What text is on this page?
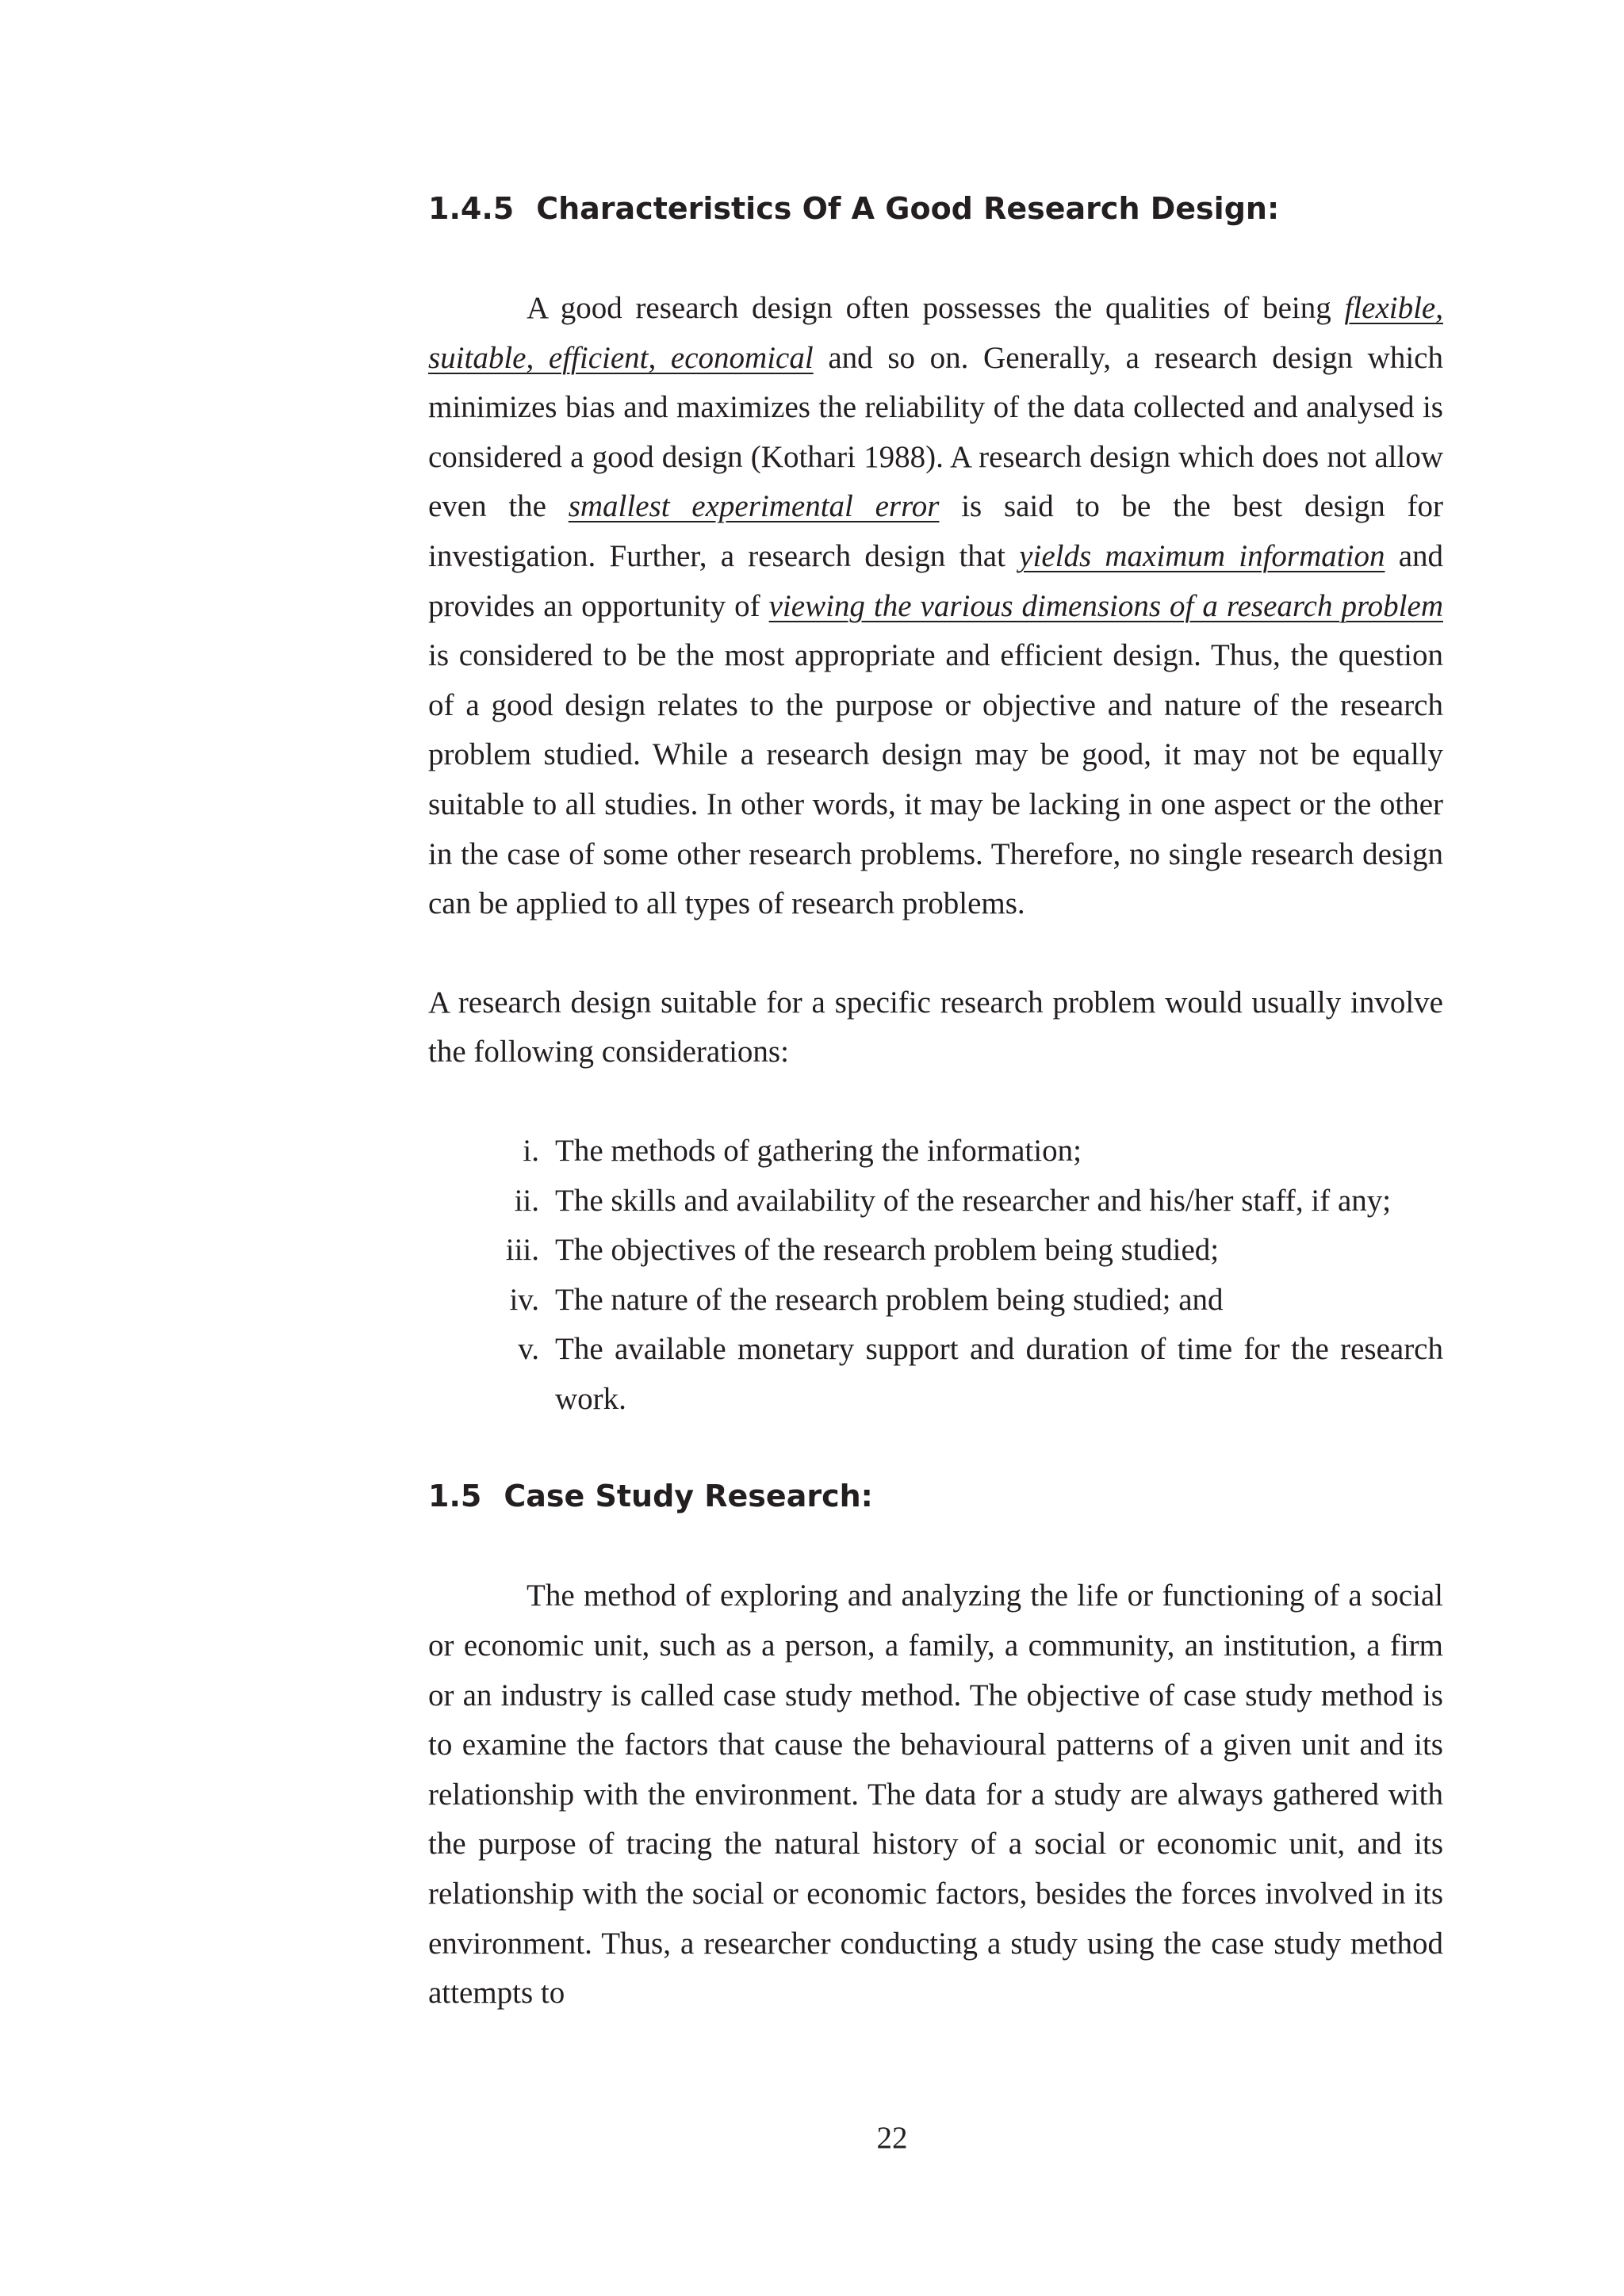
1.4.5 Characteristics Of A Good Research Design:

A good research design often possesses the qualities of being flexible, suitable, efficient, economical and so on. Generally, a research design which minimizes bias and maximizes the reliability of the data collected and analysed is considered a good design (Kothari 1988). A research design which does not allow even the smallest experimental error is said to be the best design for investigation. Further, a research design that yields maximum information and provides an opportunity of viewing the various dimensions of a research problem is considered to be the most appropriate and efficient design. Thus, the question of a good design relates to the purpose or objective and nature of the research problem studied. While a research design may be good, it may not be equally suitable to all studies. In other words, it may be lacking in one aspect or the other in the case of some other research problems. Therefore, no single research design can be applied to all types of research problems.

A research design suitable for a specific research problem would usually involve the following considerations:

i. The methods of gathering the information;
ii. The skills and availability of the researcher and his/her staff, if any;
iii. The objectives of the research problem being studied;
iv. The nature of the research problem being studied; and
v. The available monetary support and duration of time for the research work.
1.5 Case Study Research:

The method of exploring and analyzing the life or functioning of a social or economic unit, such as a person, a family, a community, an institution, a firm or an industry is called case study method. The objective of case study method is to examine the factors that cause the behavioural patterns of a given unit and its relationship with the environment. The data for a study are always gathered with the purpose of tracing the natural history of a social or economic unit, and its relationship with the social or economic factors, besides the forces involved in its environment. Thus, a researcher conducting a study using the case study method attempts to

22
